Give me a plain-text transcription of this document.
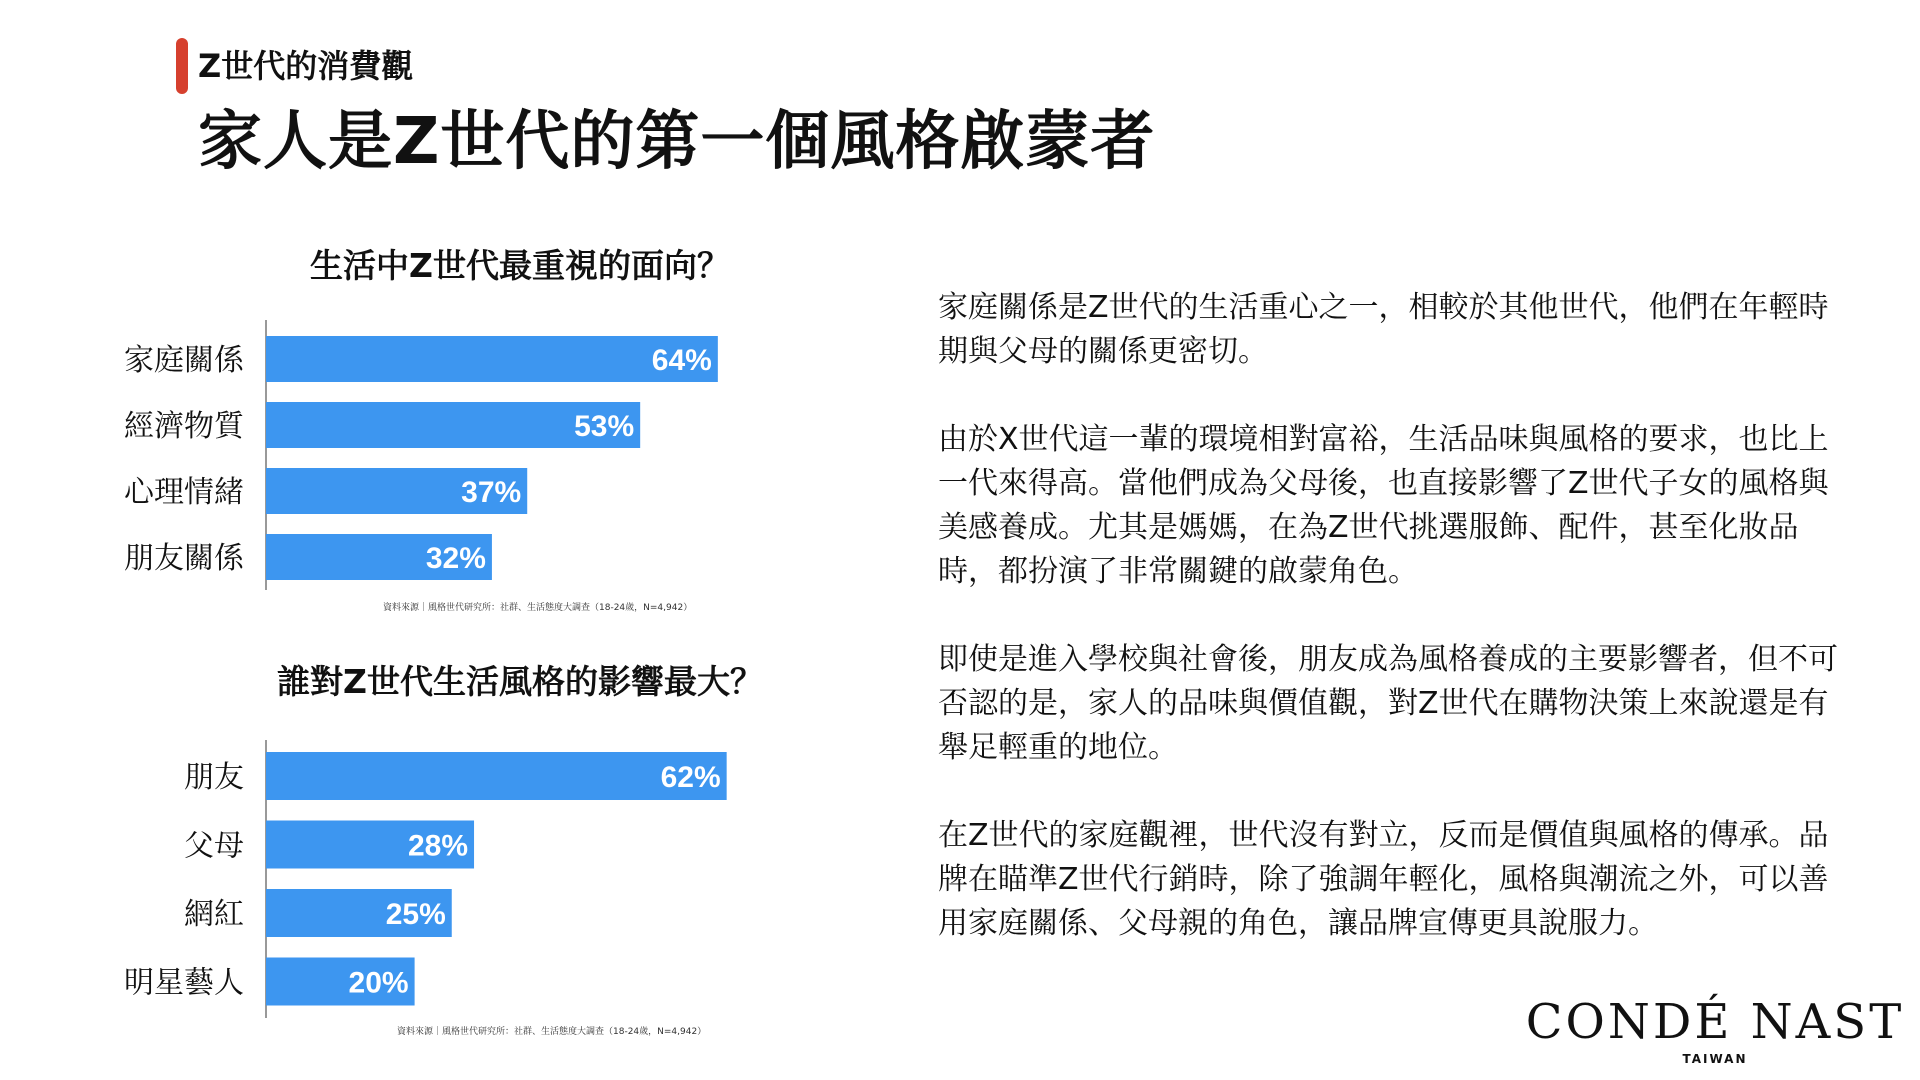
Z世代的消費觀
家人是Z世代的第一個風格啟蒙者
生活中Z世代最重視的面向？
家庭關係	64%
經濟物質	53%
心理情緒	37%
朋友關係	32%
資料來源｜風格世代研究所：社群、生活態度大調查（18-24歲，N=4,942）
誰對Z世代生活風格的影響最大？
朋友	62%
父母	28%
網紅	25%
明星藝人	20%
資料來源｜風格世代研究所：社群、生活態度大調查（18-24歲，N=4,942）

家庭關係是Z世代的生活重心之一，相較於其他世代，他們在年輕時期與父母的關係更密切。

由於X世代這一輩的環境相對富裕，生活品味與風格的要求，也比上一代來得高。當他們成為父母後，也直接影響了Z世代子女的風格與美感養成。尤其是媽媽，在為Z世代挑選服飾、配件，甚至化妝品時，都扮演了非常關鍵的啟蒙角色。

即使是進入學校與社會後，朋友成為風格養成的主要影響者，但不可否認的是，家人的品味與價值觀，對Z世代在購物決策上來說還是有舉足輕重的地位。

在Z世代的家庭觀裡，世代沒有對立，反而是價值與風格的傳承。品牌在瞄準Z世代行銷時，除了強調年輕化，風格與潮流之外，可以善用家庭關係、父母親的角色，讓品牌宣傳更具說服力。

CONDÉ NAST
TAIWAN
